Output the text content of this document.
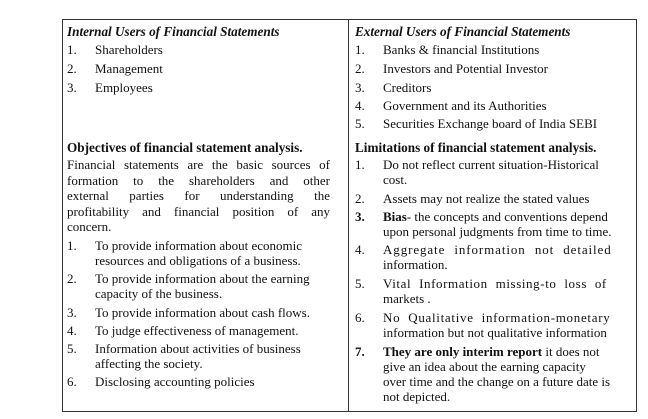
Internal Users of Financial Statements
1. Shareholders
2. Management
3. Employees
Objectives of financial statement analysis.
Financial statements are the basic sources of
formation to the shareholders and other
external parties for understanding the
profitability and financial position of any
concern.
1. To provide information about economic
resources and obligations of a business.
2. To provide information about the earning
capacity of the business.
3. To provide information about cash flows.
4. To judge effectiveness of management.
5. Information about activities of business
affecting the society.
6. Disclosing accounting policies
External Users of Financial Statements
1. Banks & financial Institutions
2. Investors and Potential Investor
3. Creditors
4. Government and its Authorities
5. Securities Exchange board of India SEBI
Limitations of financial statement analysis.
1. Do not reflect current situation-Historical
cost.
2. Assets may not realize the stated values
3. Bias- the concepts and conventions depend
upon personal judgments from time to time.
4. Aggregate information not detailed
information.
5. Vital Information missing-to loss of
markets .
6. No Qualitative information-monetary
information but not qualitative information
7. They are only interim report it does not
give an idea about the earning capacity
over time and the change on a future date is
not depicted.
